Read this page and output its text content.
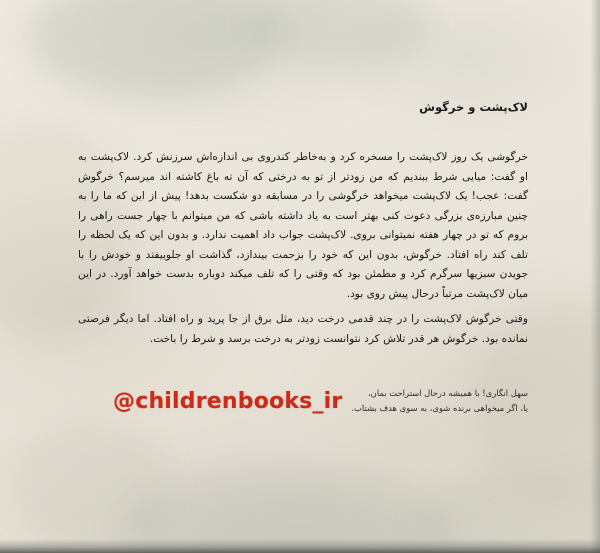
لاک‌پشت و خرگوش

خرگوشی یک روز لاک‌پشت را مسخره کرد و به‌خاطر کندروی بی اندازه‌اش سرزنش کرد. لاک‌پشت به او گفت: میایی شرط ببندیم که من زودتر از تو به درختی که آن ته باغ کاشته اند میرسم؟ خرگوش گفت: عجب! یک لاک‌پشت میخواهد خرگوشی را در مسابقه دو شکست بدهد! پیش از این که ما را به چنین مبارزه‌ی بزرگی دعوت کنی بهتر است به یاد داشته باشی که من میتوانم با چهار جست راهی را بروم که تو در چهار هفته نمیتوانی بروی. لاک‌پشت جواب داد اهمیت ندارد. و بدون این که یک لحظه را تلف کند راه افتاد. خرگوش، بدون این که خود را بزحمت بیندازد، گذاشت او جلوبیفتد و خودش را با جویدن سبزیها سرگرم کرد و مطمئن بود که وقتی را که تلف میکند دوباره بدست خواهد آورد. در این میان لاک‌پشت مرتباً درحال پیش روی بود.

وقتی خرگوش لاک‌پشت را در چند قدمی درخت دید، مثل برق از جا پرید و راه افتاد. اما دیگر فرصتی نمانده بود. خرگوش هر قدر تلاش کرد نتوانست زودتر به درخت برسد و شرط را باخت.

سهل انگاری! با همیشه درحال استراحت بمان،

یا، اگر میخواهی برنده شوی، به سوی هدف بشتاب.

@childrenbooks_ir
